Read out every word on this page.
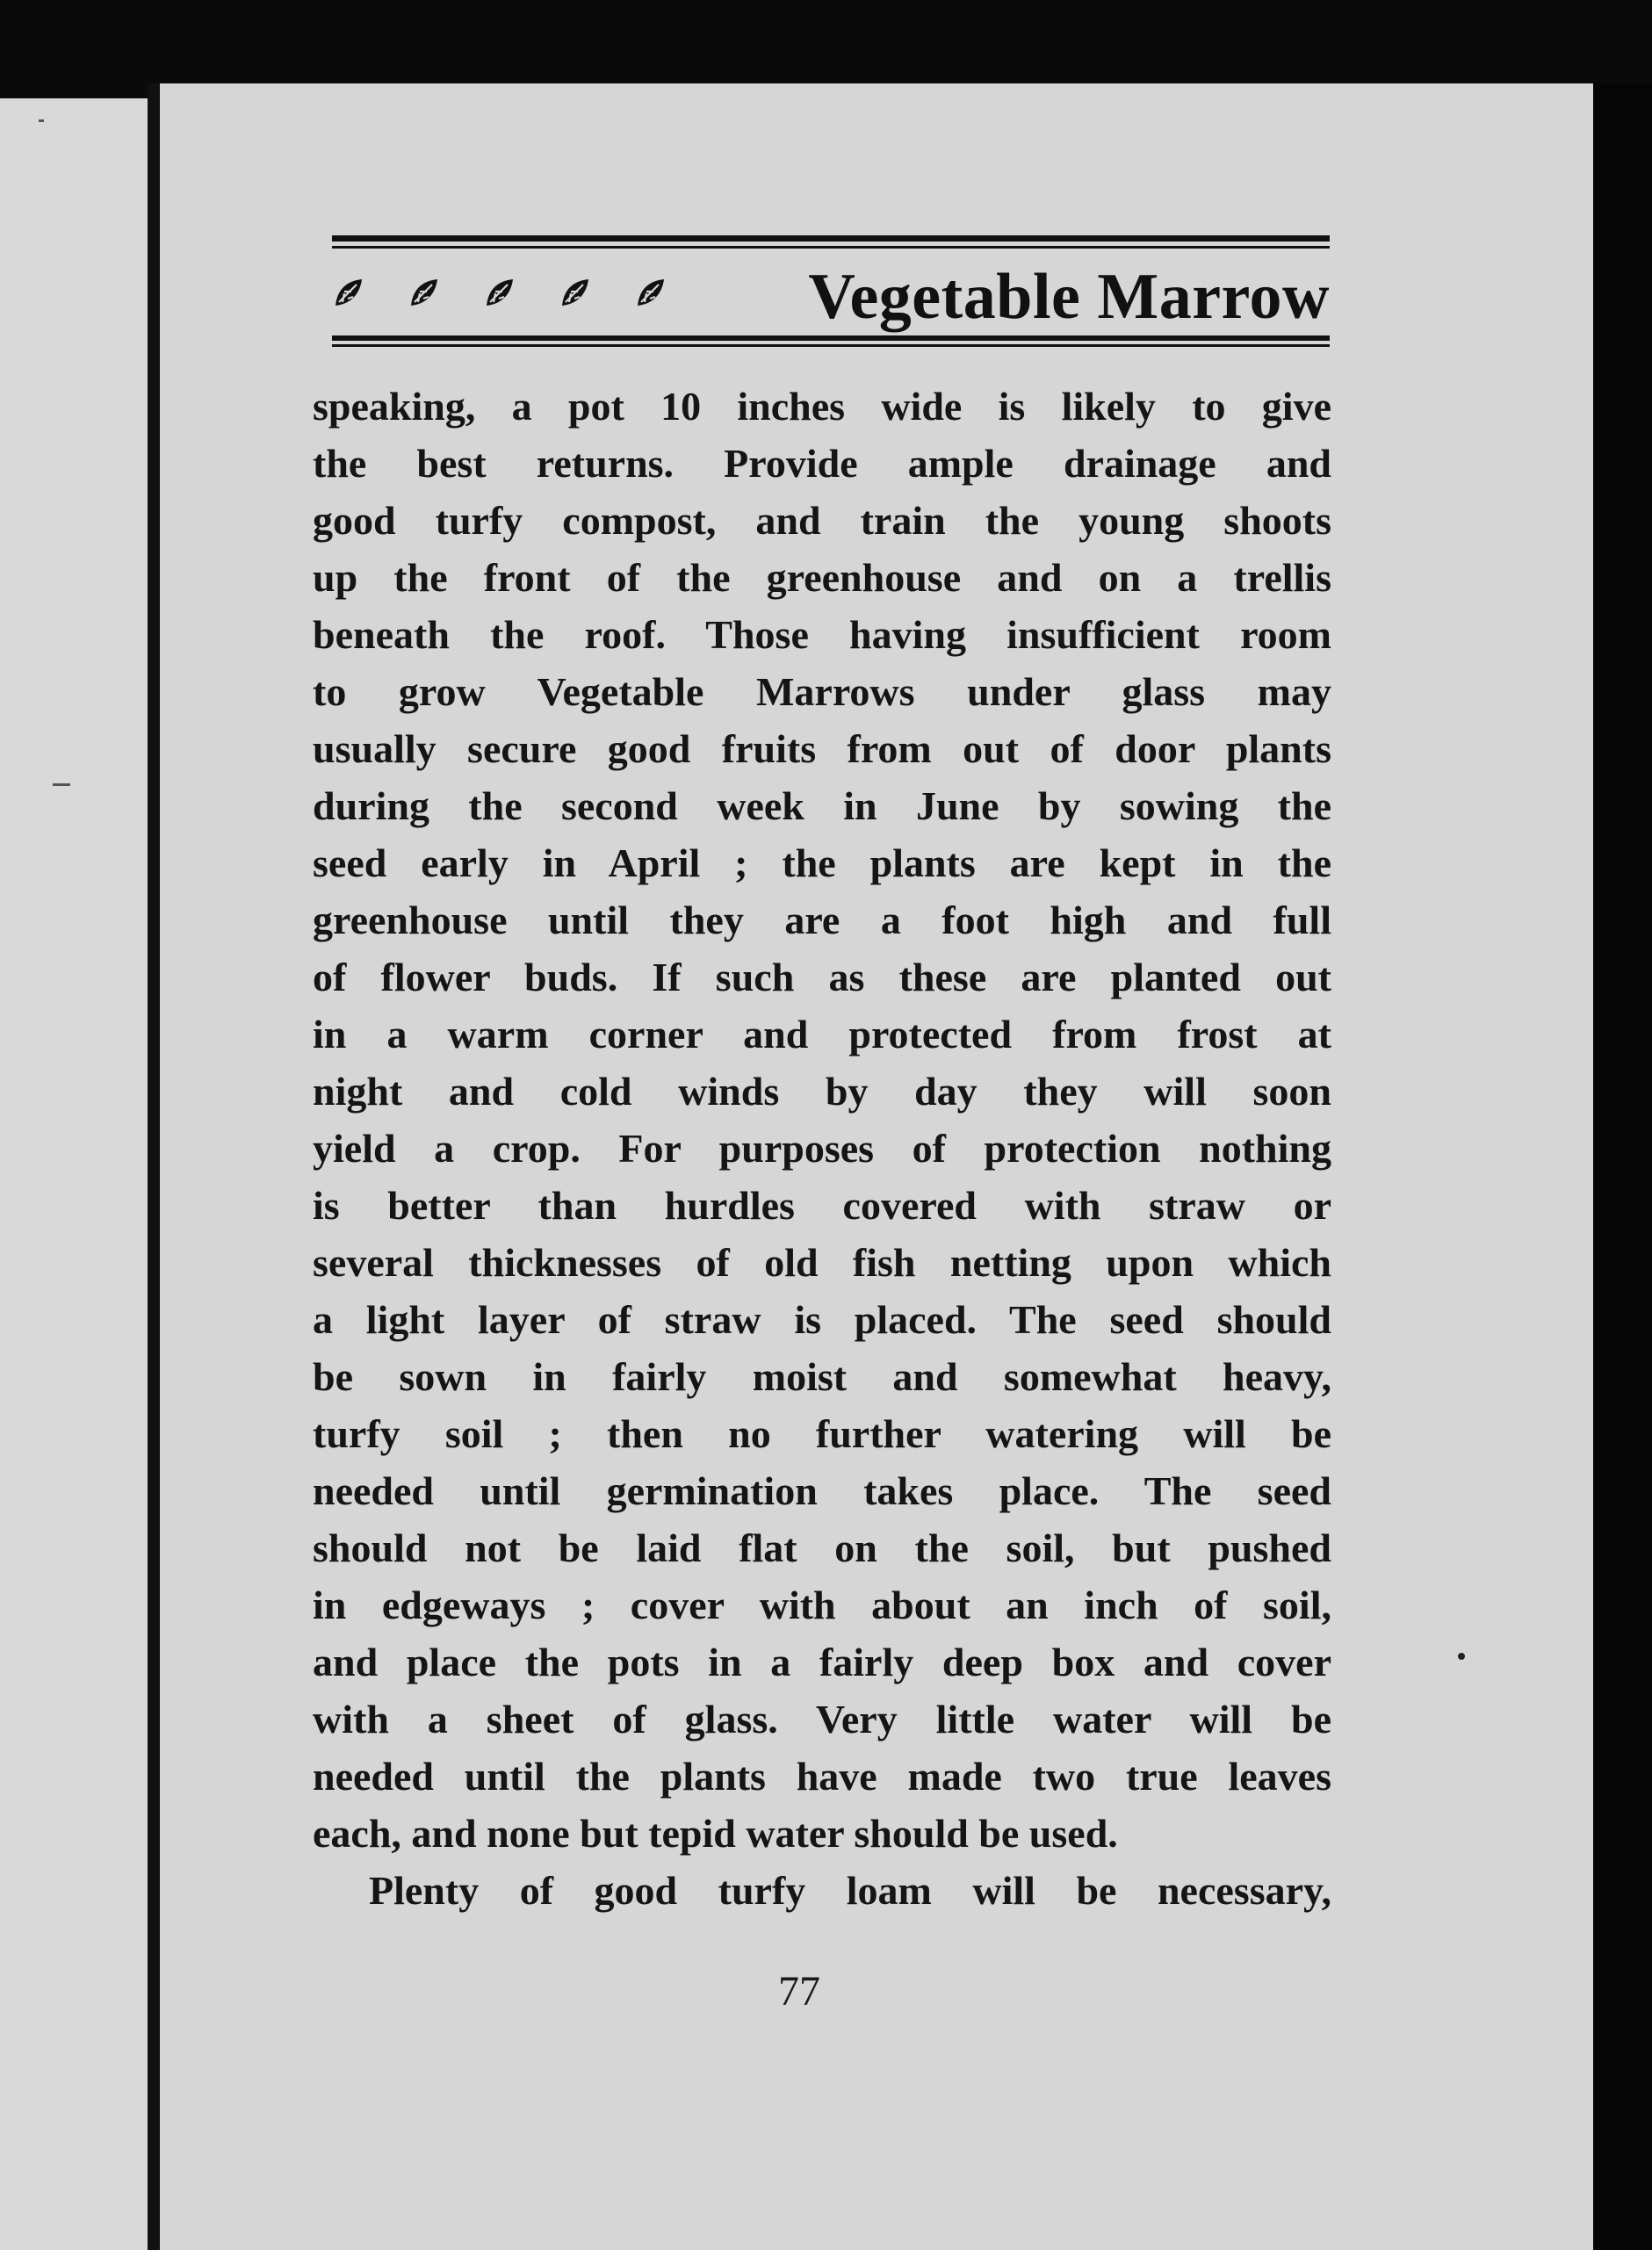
Vegetable Marrow
speaking, a pot 10 inches wide is likely to give
the best returns. Provide ample drainage and
good turfy compost, and train the young shoots
up the front of the greenhouse and on a trellis
beneath the roof. Those having insufficient room
to grow Vegetable Marrows under glass may
usually secure good fruits from out of door plants
during the second week in June by sowing the
seed early in April ; the plants are kept in the
greenhouse until they are a foot high and full
of flower buds. If such as these are planted out
in a warm corner and protected from frost at
night and cold winds by day they will soon
yield a crop. For purposes of protection nothing
is better than hurdles covered with straw or
several thicknesses of old fish netting upon which
a light layer of straw is placed. The seed should
be sown in fairly moist and somewhat heavy,
turfy soil ; then no further watering will be
needed until germination takes place. The seed
should not be laid flat on the soil, but pushed
in edgeways ; cover with about an inch of soil,
and place the pots in a fairly deep box and cover
with a sheet of glass. Very little water will be
needed until the plants have made two true leaves
each, and none but tepid water should be used.
Plenty of good turfy loam will be necessary,
77
